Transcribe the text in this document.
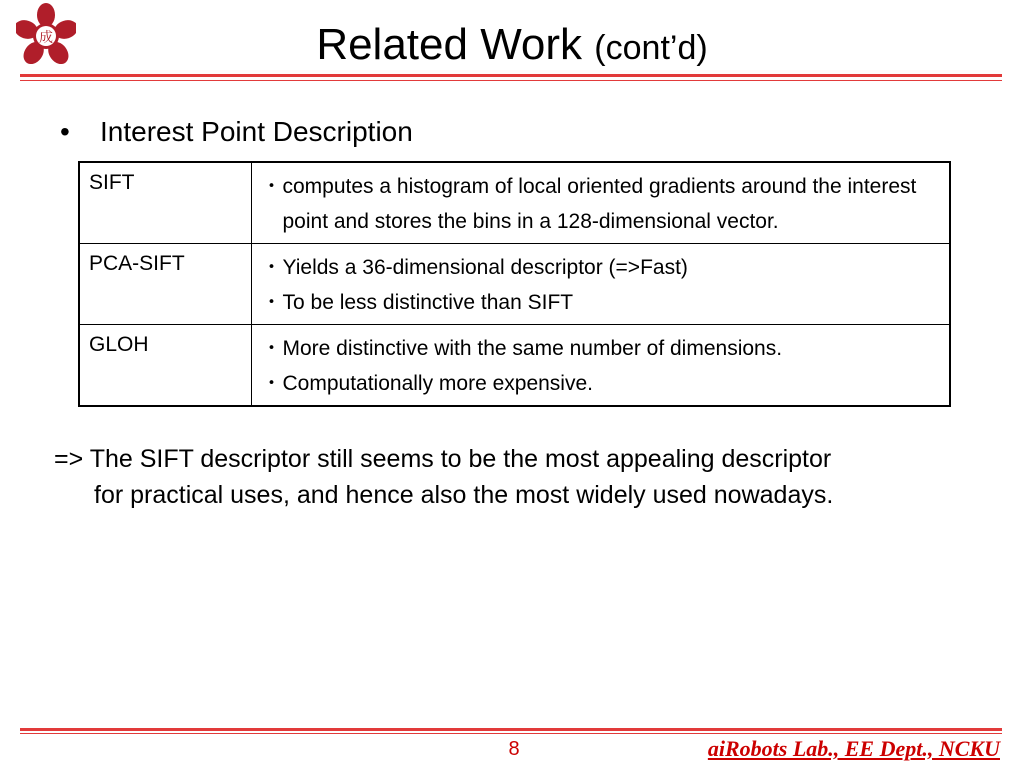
成	Related Work (cont’d)
• Interest Point Description
SIFT	・computes a histogram of local oriented gradients around the interest point and stores the bins in a 128-dimensional vector.

PCA-SIFT	・Yields a 36-dimensional descriptor (=>Fast)
・To be less distinctive than SIFT

GLOH	・More distinctive with the same number of dimensions.
・Computationally more expensive.
=> The SIFT descriptor still seems to be the most appealing descriptor
for practical uses, and hence also the most widely used nowadays.
8	aiRobots Lab., EE Dept., NCKU
